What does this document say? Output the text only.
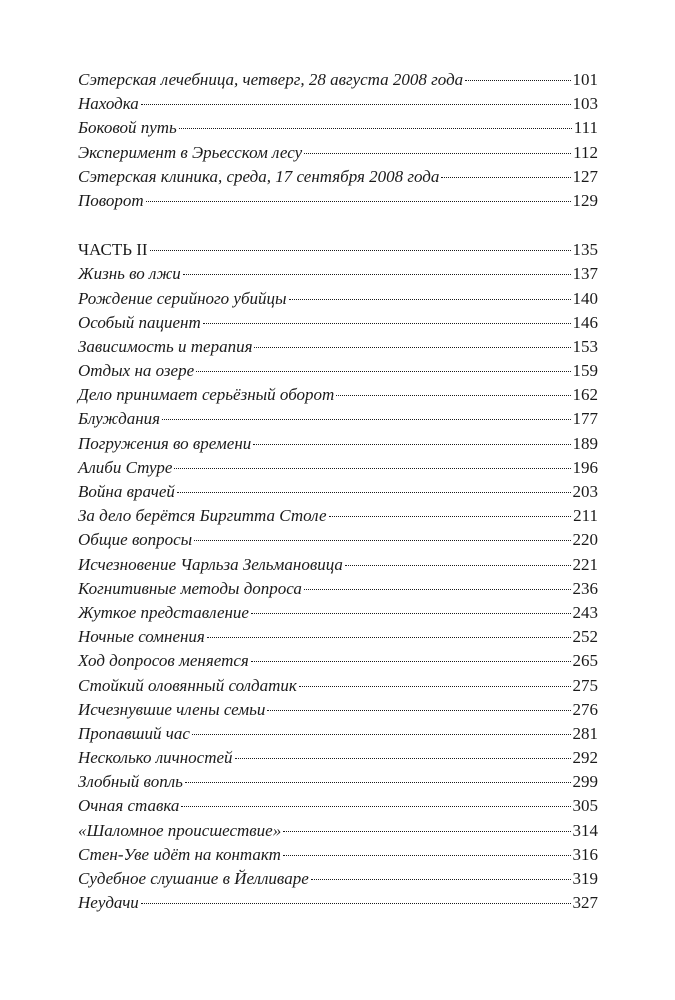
Сэтерская лечебница, четверг, 28 августа 2008 года	101
Находка	103
Боковой путь	111
Эксперимент в Эрьесском лесу	112
Сэтерская клиника, среда, 17 сентября 2008 года	127
Поворот	129
ЧАСТЬ II	135
Жизнь во лжи	137
Рождение серийного убийцы	140
Особый пациент	146
Зависимость и терапия	153
Отдых на озере	159
Дело принимает серьёзный оборот	162
Блуждания	177
Погружения во времени	189
Алиби Стуре	196
Война врачей	203
За дело берётся Биргитта Столе	211
Общие вопросы	220
Исчезновение Чарльза Зельмановица	221
Когнитивные методы допроса	236
Жуткое представление	243
Ночные сомнения	252
Ход допросов меняется	265
Стойкий оловянный солдатик	275
Исчезнувшие члены семьи	276
Пропавший час	281
Несколько личностей	292
Злобный вопль	299
Очная ставка	305
«Шаломное происшествие»	314
Стен-Уве идёт на контакт	316
Судебное слушание в Йелливаре	319
Неудачи	327
